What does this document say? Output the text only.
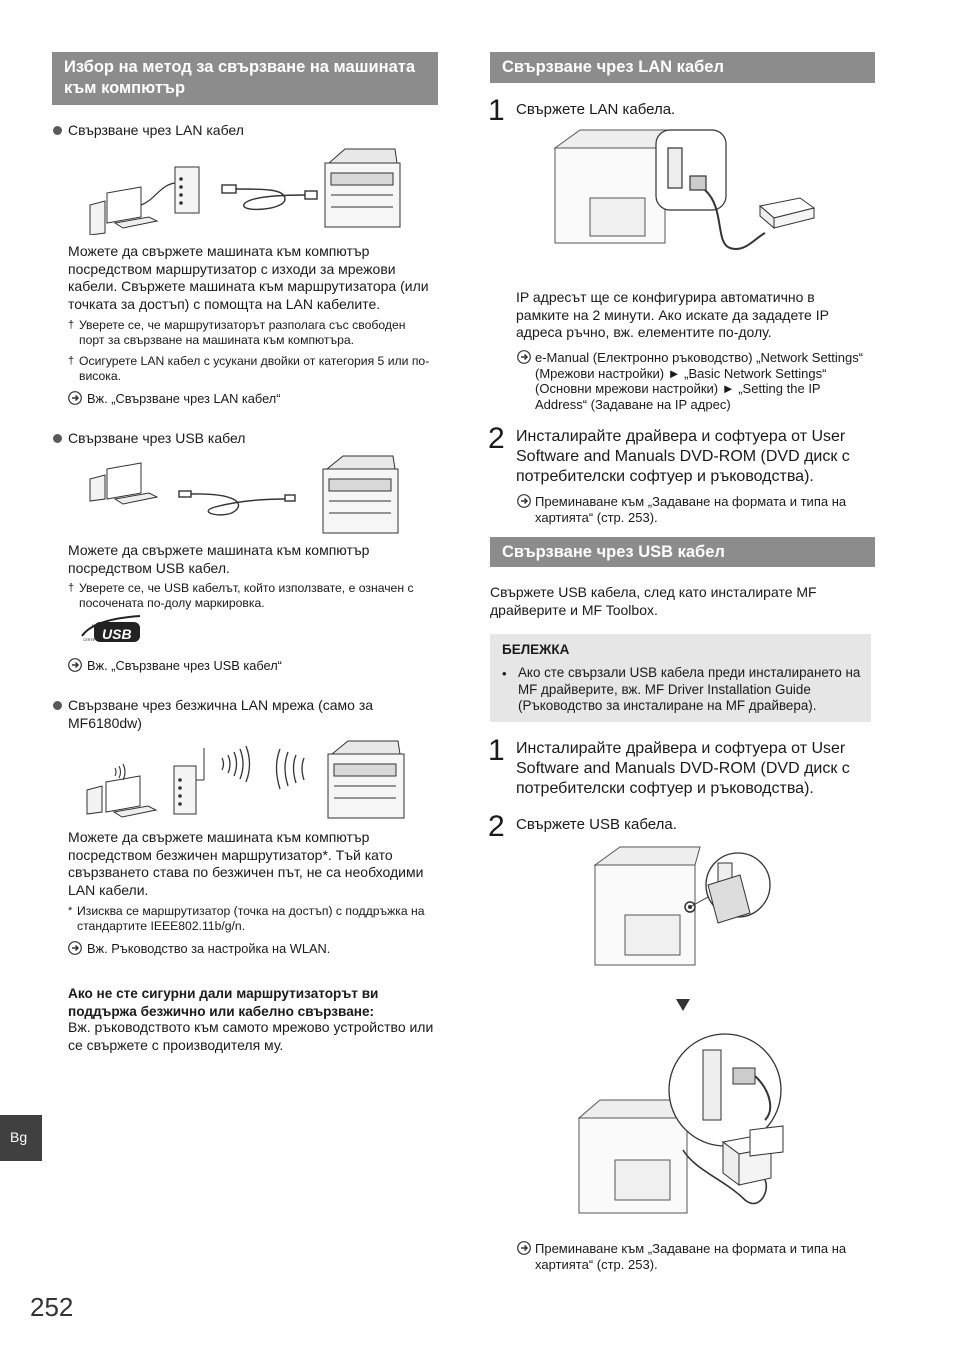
Избор на метод за свързване на машината към компютър
Свързване чрез LAN кабел
Можете да свържете машината към компютър посредством маршрутизатор с изходи за мрежови кабели. Свържете машината към маршрутизатора (или точката за достъп) с помощта на LAN кабелите.
† Уверете се, че маршрутизаторът разполага със свободен порт за свързване на машината към компютъра.
† Осигурете LAN кабел с усукани двойки от категория 5 или по-висока.
Вж. „Свързване чрез LAN кабел“
Свързване чрез USB кабел
Можете да свържете машината към компютър посредством USB кабел.
† Уверете се, че USB кабелът, който използвате, е означен с посочената по-долу маркировка.
HI-SPEED
CERTIFIED USB
Вж. „Свързване чрез USB кабел“
Свързване чрез безжична LAN мрежа (само за MF6180dw)
Можете да свържете машината към компютър посредством безжичен маршрутизатор*. Тъй като свързването става по безжичен път, не са необходими LAN кабели.
* Изисква се маршрутизатор (точка на достъп) с поддръжка на стандартите IEEE802.11b/g/n.
Вж. Ръководство за настройка на WLAN.
Ако не сте сигурни дали маршрутизаторът ви поддържа безжично или кабелно свързване:
Вж. ръководството към самото мрежово устройство или се свържете с производителя му.
Bg
252
Свързване чрез LAN кабел
1 Свържете LAN кабела.
IP адресът ще се конфигурира автоматично в рамките на 2 минути. Ако искате да зададете IP адреса ръчно, вж. елементите по-долу.
e-Manual (Електронно ръководство) „Network Settings“ (Мрежови настройки) ► „Basic Network Settings“ (Основни мрежови настройки) ► „Setting the IP Address“ (Задаване на IP адрес)
2 Инсталирайте драйвера и софтуера от User Software and Manuals DVD-ROM (DVD диск с потребителски софтуер и ръководства).
Преминаване към „Задаване на формата и типа на хартията“ (стр. 253).
Свързване чрез USB кабел
Свържете USB кабела, след като инсталирате MF драйверите и MF Toolbox.
БЕЛЕЖКА
• Ако сте свързали USB кабела преди инсталирането на MF драйверите, вж. MF Driver Installation Guide (Ръководство за инсталиране на MF драйвера).
1 Инсталирайте драйвера и софтуера от User Software and Manuals DVD-ROM (DVD диск с потребителски софтуер и ръководства).
2 Свържете USB кабела.
Преминаване към „Задаване на формата и типа на хартията“ (стр. 253).
